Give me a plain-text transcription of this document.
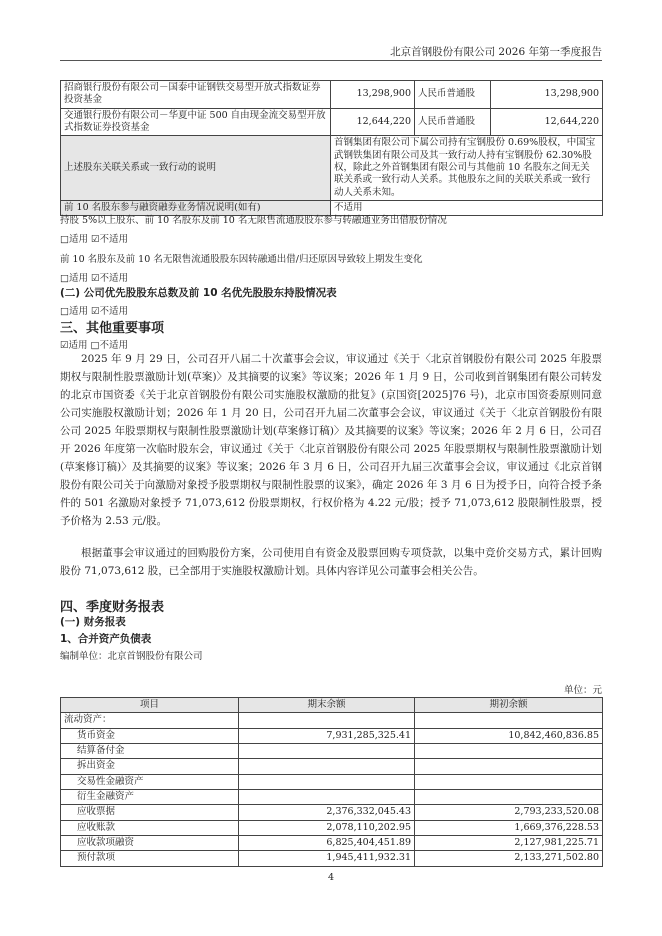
北京首钢股份有限公司 2026 年第一季度报告
招商银行股份有限公司－国泰中证钢铁交易型开放式指数证券投资基金	13,298,900	人民币普通股	13,298,900
交通银行股份有限公司－华夏中证 500 自由现金流交易型开放式指数证券投资基金	12,644,220	人民币普通股	12,644,220
上述股东关联关系或一致行动的说明	首钢集团有限公司下属公司持有宝钢股份 0.69%股权，中国宝武钢铁集团有限公司及其一致行动人持有宝钢股份 62.30%股权，除此之外首钢集团有限公司与其他前 10 名股东之间无关联关系或一致行动人关系。其他股东之间的关联关系或一致行动人关系未知。		
前 10 名股东参与融资融券业务情况说明(如有)	不适用		
持股 5%以上股东、前 10 名股东及前 10 名无限售流通股股东参与转融通业务出借股份情况
□适用 ☑不适用
前 10 名股东及前 10 名无限售流通股股东因转融通出借/归还原因导致较上期发生变化
□适用 ☑不适用
(二) 公司优先股股东总数及前 10 名优先股股东持股情况表
□适用 ☑不适用
三、其他重要事项
☑适用 □不适用

2025 年 9 月 29 日，公司召开八届二十次董事会会议，审议通过《关于〈北京首钢股份有限公司 2025 年股票期权与限制性股票激励计划(草案)〉及其摘要的议案》等议案；2026 年 1 月 9 日，公司收到首钢集团有限公司转发的北京市国资委《关于北京首钢股份有限公司实施股权激励的批复》(京国资[2025]76 号)，北京市国资委原则同意公司实施股权激励计划；2026 年 1 月 20 日，公司召开九届二次董事会会议，审议通过《关于〈北京首钢股份有限公司 2025 年股票期权与限制性股票激励计划(草案修订稿)〉及其摘要的议案》等议案；2026 年 2 月 6 日，公司召开 2026 年度第一次临时股东会，审议通过《关于〈北京首钢股份有限公司 2025 年股票期权与限制性股票激励计划(草案修订稿)〉及其摘要的议案》等议案；2026 年 3 月 6 日，公司召开九届三次董事会会议，审议通过《北京首钢股份有限公司关于向激励对象授予股票期权与限制性股票的议案》，确定 2026 年 3 月 6 日为授予日，向符合授予条件的 501 名激励对象授予 71,073,612 份股票期权，行权价格为 4.22 元/股；授予 71,073,612 股限制性股票，授予价格为 2.53 元/股。

根据董事会审议通过的回购股份方案，公司使用自有资金及股票回购专项贷款，以集中竞价交易方式，累计回购股份 71,073,612 股，已全部用于实施股权激励计划。具体内容详见公司董事会相关公告。

四、季度财务报表
(一) 财务报表
1、合并资产负债表
编制单位：北京首钢股份有限公司
单位：元
项目	期末余额	期初余额
流动资产：		
货币资金	7,931,285,325.41	10,842,460,836.85
结算备付金		
拆出资金		
交易性金融资产		
衍生金融资产		
应收票据	2,376,332,045.43	2,793,233,520.08
应收账款	2,078,110,202.95	1,669,376,228.53
应收款项融资	6,825,404,451.89	2,127,981,225.71
预付款项	1,945,411,932.31	2,133,271,502.80
4
